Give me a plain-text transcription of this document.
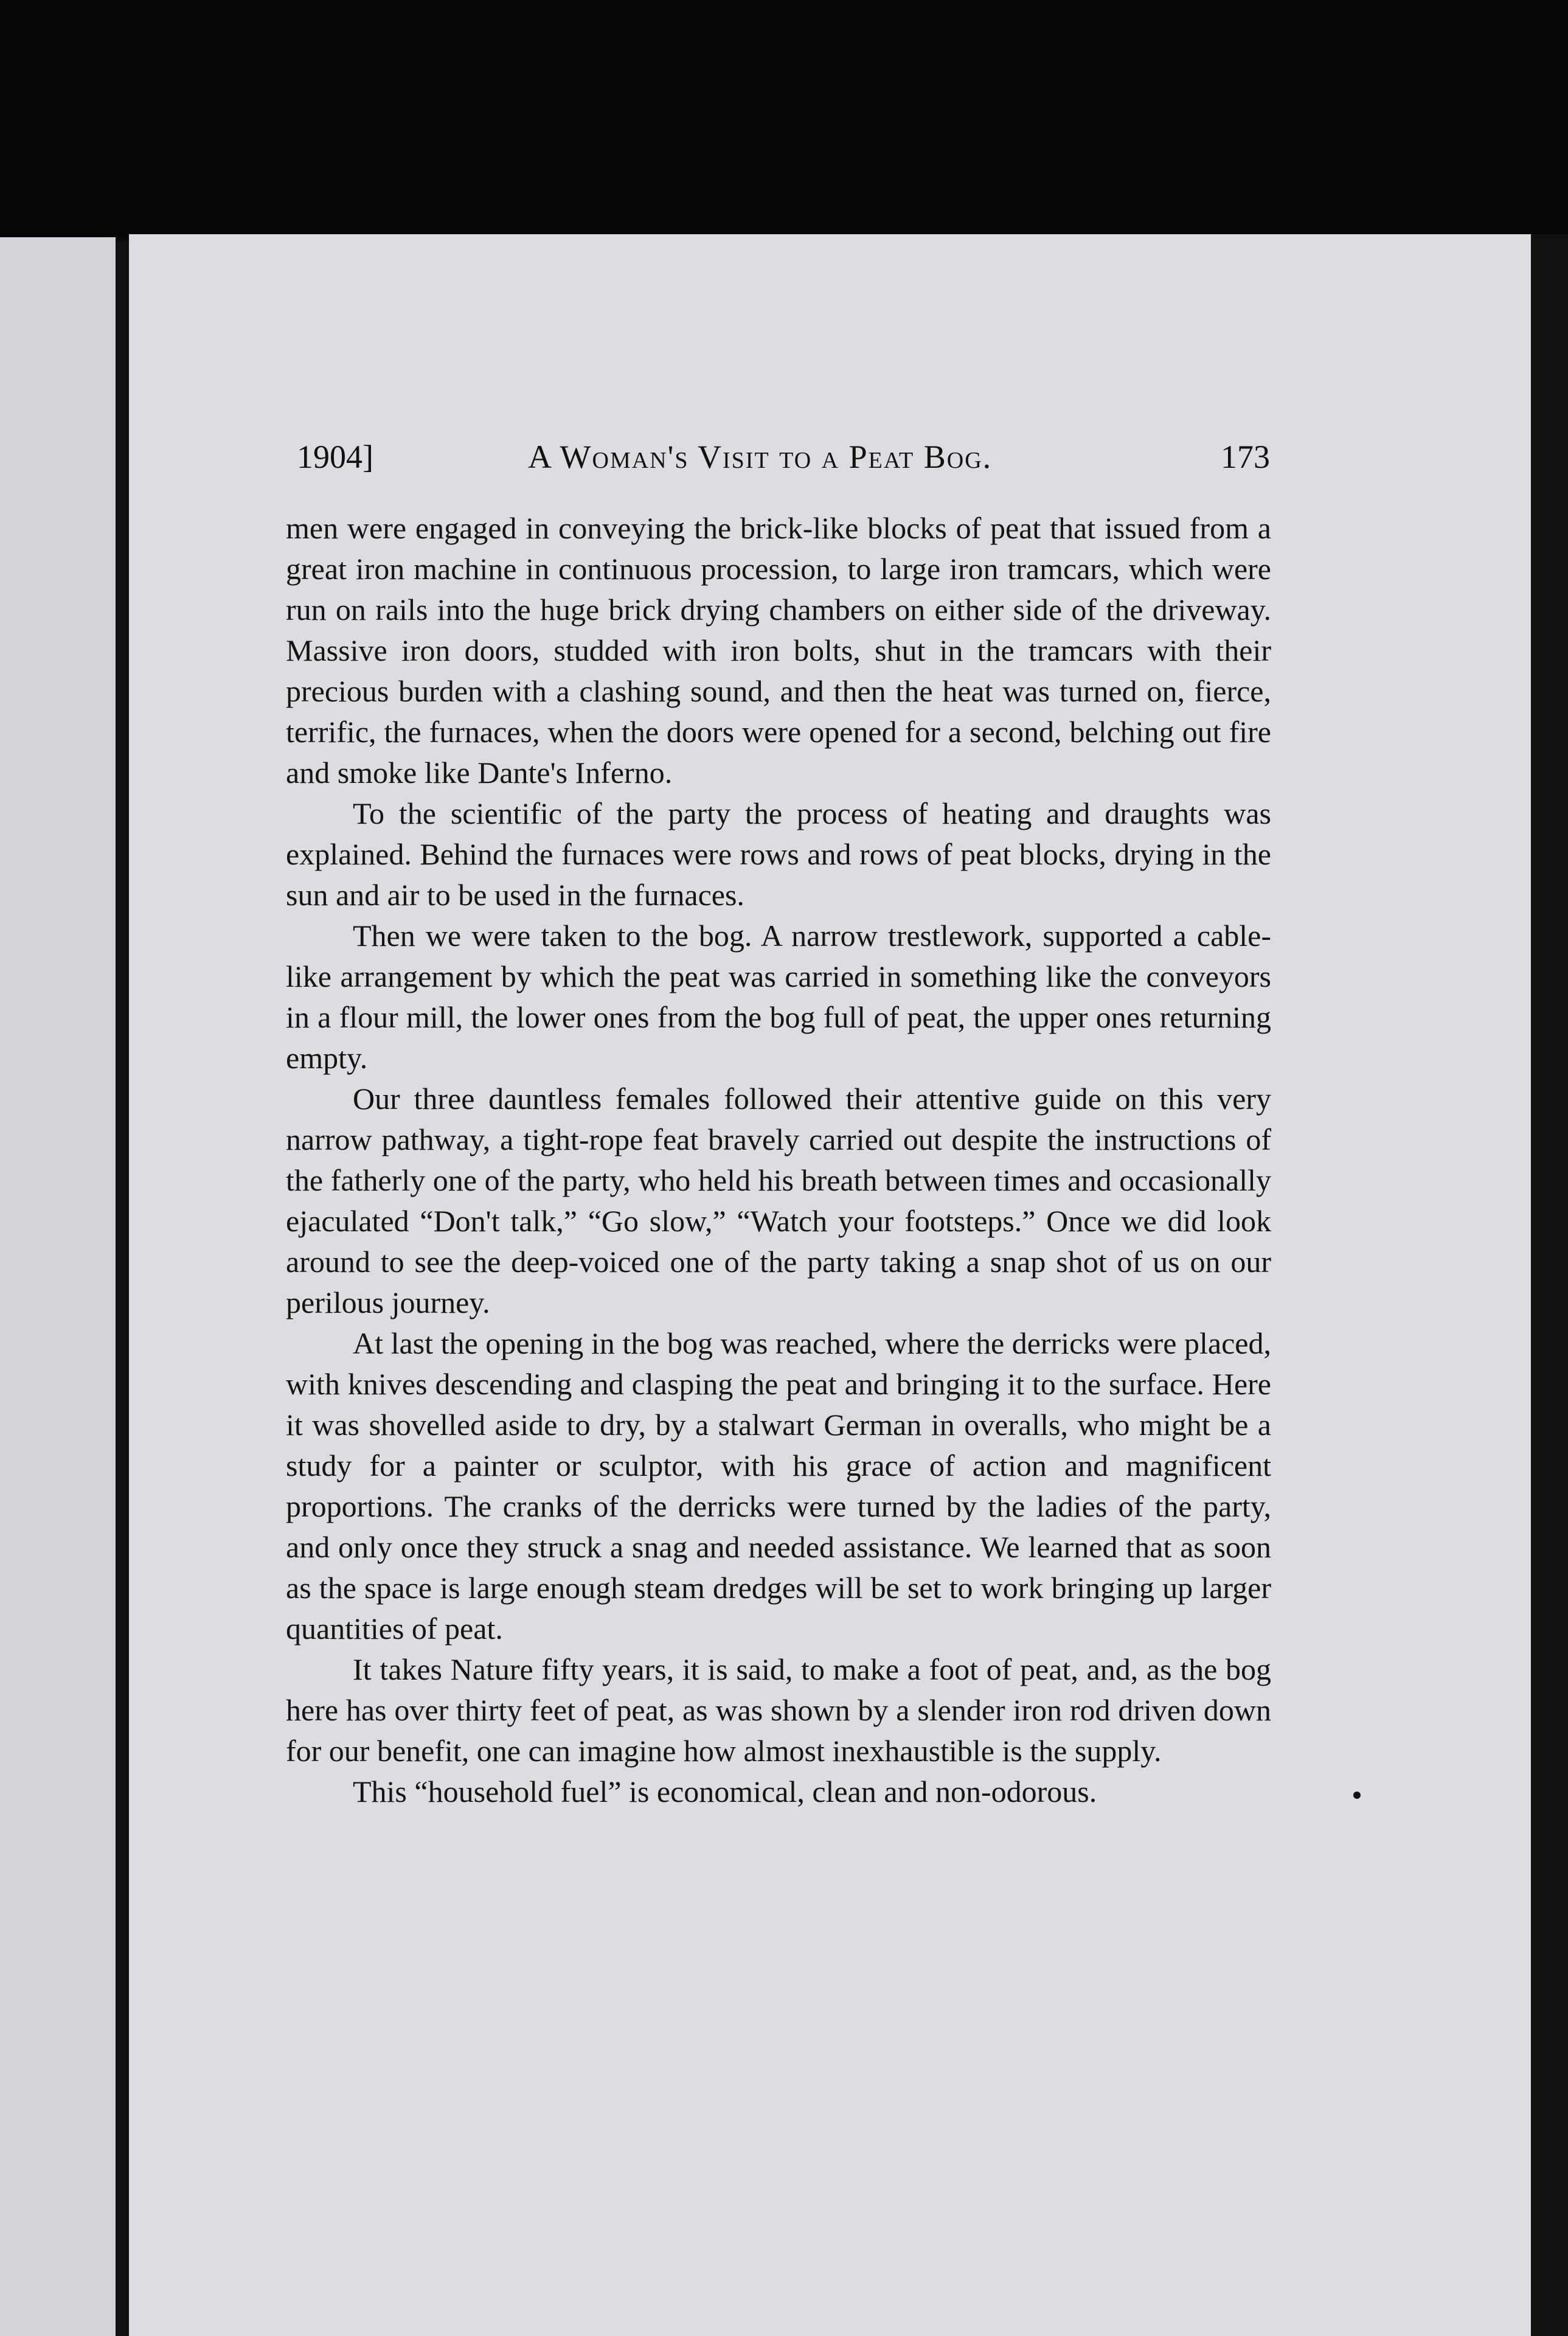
1904]	A Woman's Visit to a Peat Bog.	173

men were engaged in conveying the brick-like blocks of peat that issued from a great iron machine in continuous procession, to large iron tramcars, which were run on rails into the huge brick drying chambers on either side of the driveway. Massive iron doors, studded with iron bolts, shut in the tramcars with their precious burden with a clashing sound, and then the heat was turned on, fierce, terrific, the furnaces, when the doors were opened for a second, belching out fire and smoke like Dante's Inferno.

To the scientific of the party the process of heating and draughts was explained. Behind the furnaces were rows and rows of peat blocks, drying in the sun and air to be used in the furnaces.

Then we were taken to the bog. A narrow trestlework, supported a cable-like arrangement by which the peat was carried in something like the conveyors in a flour mill, the lower ones from the bog full of peat, the upper ones returning empty.

Our three dauntless females followed their attentive guide on this very narrow pathway, a tight-rope feat bravely carried out despite the instructions of the fatherly one of the party, who held his breath between times and occasionally ejaculated “Don't talk,” “Go slow,” “Watch your footsteps.” Once we did look around to see the deep-voiced one of the party taking a snap shot of us on our perilous journey.

At last the opening in the bog was reached, where the derricks were placed, with knives descending and clasping the peat and bringing it to the surface. Here it was shovelled aside to dry, by a stalwart German in overalls, who might be a study for a painter or sculptor, with his grace of action and magnificent proportions. The cranks of the derricks were turned by the ladies of the party, and only once they struck a snag and needed assistance. We learned that as soon as the space is large enough steam dredges will be set to work bringing up larger quantities of peat.

It takes Nature fifty years, it is said, to make a foot of peat, and, as the bog here has over thirty feet of peat, as was shown by a slender iron rod driven down for our benefit, one can imagine how almost inexhaustible is the supply.

This “household fuel” is economical, clean and non-odorous.
